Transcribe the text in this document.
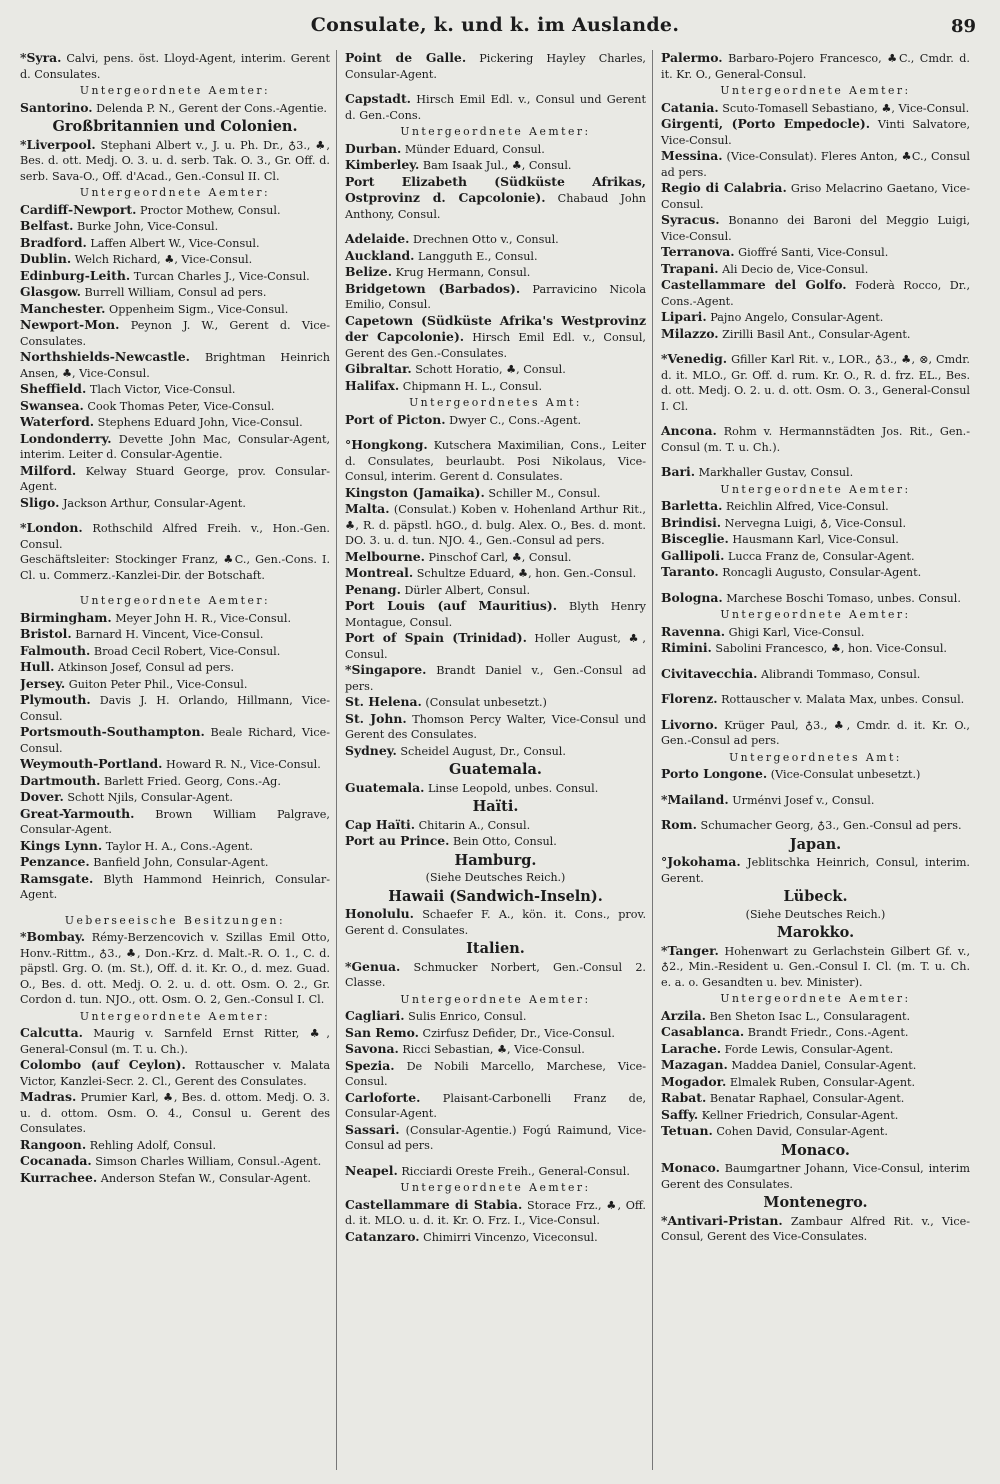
Consulate, k. und k. im Auslande.	89
*Syra. Calvi, pens. öst. Lloyd-Agent, interim. Gerent d. Consulates.
Untergeordnete Aemter:
Santorino. Delenda P. N., Gerent der Cons.-Agentie.
Großbritannien und Colonien.
*Liverpool. Stephani Albert v., J. u. Ph. Dr., ♁3., ♣, Bes. d. ott. Medj. O. 3. u. d. serb. Tak. O. 3., Gr. Off. d. serb. Sava-O., Off. d'Acad., Gen.-Consul II. Cl.
Untergeordnete Aemter:
Cardiff-Newport. Proctor Mothew, Consul.
Belfast. Burke John, Vice-Consul.
Bradford. Laffen Albert W., Vice-Consul.
Dublin. Welch Richard, ♣, Vice-Consul.
Edinburg-Leith. Turcan Charles J., Vice-Consul.
Glasgow. Burrell William, Consul ad pers.
Manchester. Oppenheim Sigm., Vice-Consul.
Newport-Mon. Peynon J. W., Gerent d. Vice-Consulates.
Northshields-Newcastle. Brightman Heinrich Ansen, ♣, Vice-Consul.
Sheffield. Tlach Victor, Vice-Consul.
Swansea. Cook Thomas Peter, Vice-Consul.
Waterford. Stephens Eduard John, Vice-Consul.
Londonderry. Devette John Mac, Consular-Agent, interim. Leiter d. Consular-Agentie.
Milford. Kelway Stuard George, prov. Consular-Agent.
Sligo. Jackson Arthur, Consular-Agent.
*London. Rothschild Alfred Freih. v., Hon.-Gen. Consul.
Geschäftsleiter: Stockinger Franz, ♣C., Gen.-Cons. I. Cl. u. Commerz.-Kanzlei-Dir. der Botschaft.
Untergeordnete Aemter:
Birmingham. Meyer John H. R., Vice-Consul.
Bristol. Barnard H. Vincent, Vice-Consul.
Falmouth. Broad Cecil Robert, Vice-Consul.
Hull. Atkinson Josef, Consul ad pers.
Jersey. Guiton Peter Phil., Vice-Consul.
Plymouth. Davis J. H. Orlando, Hillmann, Vice-Consul.
Portsmouth-Southampton. Beale Richard, Vice-Consul.
Weymouth-Portland. Howard R. N., Vice-Consul.
Dartmouth. Barlett Fried. Georg, Cons.-Ag.
Dover. Schott Njils, Consular-Agent.
Great-Yarmouth. Brown William Palgrave, Consular-Agent.
Kings Lynn. Taylor H. A., Cons.-Agent.
Penzance. Banfield John, Consular-Agent.
Ramsgate. Blyth Hammond Heinrich, Consular-Agent.
Ueberseeische Besitzungen:
*Bombay. Rémy-Berzencovich v. Szillas Emil Otto, Honv.-Rittm., ♁3., ♣, Don.-Krz. d. Malt.-R. O. 1., C. d. päpstl. Grg. O. (m. St.), Off. d. it. Kr. O., d. mez. Guad. O., Bes. d. ott. Medj. O. 2. u. d. ott. Osm. O. 2., Gr. Cordon d. tun. NJO., ott. Osm. O. 2, Gen.-Consul I. Cl.
Untergeordnete Aemter:
Calcutta. Maurig v. Sarnfeld Ernst Ritter, ♣, General-Consul (m. T. u. Ch.).
Colombo (auf Ceylon). Rottauscher v. Malata Victor, Kanzlei-Secr. 2. Cl., Gerent des Consulates.
Madras. Prumier Karl, ♣, Bes. d. ottom. Medj. O. 3. u. d. ottom. Osm. O. 4., Consul u. Gerent des Consulates.
Rangoon. Rehling Adolf, Consul.
Cocanada. Simson Charles William, Consul.-Agent.
Kurrachee. Anderson Stefan W., Consular-Agent.
Point de Galle. Pickering Hayley Charles, Consular-Agent.
Capstadt. Hirsch Emil Edl. v., Consul und Gerent d. Gen.-Cons.
Untergeordnete Aemter:
Durban. Münder Eduard, Consul.
Kimberley. Bam Isaak Jul., ♣, Consul.
Port Elizabeth (Südküste Afrikas, Ostprovinz d. Capcolonie). Chabaud John Anthony, Consul.
Adelaide. Drechnen Otto v., Consul.
Auckland. Langguth E., Consul.
Belize. Krug Hermann, Consul.
Bridgetown (Barbados). Parravicino Nicola Emilio, Consul.
Capetown (Südküste Afrika's Westprovinz der Capcolonie). Hirsch Emil Edl. v., Consul, Gerent des Gen.-Consulates.
Gibraltar. Schott Horatio, ♣, Consul.
Halifax. Chipmann H. L., Consul.
Untergeordnetes Amt:
Port of Picton. Dwyer C., Cons.-Agent.
°Hongkong. Kutschera Maximilian, Cons., Leiter d. Consulates, beurlaubt. Posi Nikolaus, Vice-Consul, interim. Gerent d. Consulates.
Kingston (Jamaika). Schiller M., Consul.
Malta. (Consulat.) Koben v. Hohenland Arthur Rit., ♣, R. d. päpstl. hGO., d. bulg. Alex. O., Bes. d. mont. DO. 3. u. d. tun. NJO. 4., Gen.-Consul ad pers.
Melbourne. Pinschof Carl, ♣, Consul.
Montreal. Schultze Eduard, ♣, hon. Gen.-Consul.
Penang. Dürler Albert, Consul.
Port Louis (auf Mauritius). Blyth Henry Montague, Consul.
Port of Spain (Trinidad). Holler August, ♣, Consul.
*Singapore. Brandt Daniel v., Gen.-Consul ad pers.
St. Helena. (Consulat unbesetzt.)
St. John. Thomson Percy Walter, Vice-Consul und Gerent des Consulates.
Sydney. Scheidel August, Dr., Consul.
Guatemala.
Guatemala. Linse Leopold, unbes. Consul.
Haïti.
Cap Haïti. Chitarin A., Consul.
Port au Prince. Bein Otto, Consul.
Hamburg.
(Siehe Deutsches Reich.)
Hawaii (Sandwich-Inseln).
Honolulu. Schaefer F. A., kön. it. Cons., prov. Gerent d. Consulates.
Italien.
*Genua. Schmucker Norbert, Gen.-Consul 2. Classe.
Untergeordnete Aemter:
Cagliari. Sulis Enrico, Consul.
San Remo. Czirfusz Defider, Dr., Vice-Consul.
Savona. Ricci Sebastian, ♣, Vice-Consul.
Spezia. De Nobili Marcello, Marchese, Vice-Consul.
Carloforte. Plaisant-Carbonelli Franz de, Consular-Agent.
Sassari. (Consular-Agentie.) Fogú Raimund, Vice-Consul ad pers.
Neapel. Ricciardi Oreste Freih., General-Consul.
Untergeordnete Aemter:
Castellammare di Stabia. Storace Frz., ♣, Off. d. it. MLO. u. d. it. Kr. O. Frz. I., Vice-Consul.
Catanzaro. Chimirri Vincenzo, Viceconsul.
Palermo. Barbaro-Pojero Francesco, ♣C., Cmdr. d. it. Kr. O., General-Consul.
Untergeordnete Aemter:
Catania. Scuto-Tomasell Sebastiano, ♣, Vice-Consul.
Girgenti, (Porto Empedocle). Vinti Salvatore, Vice-Consul.
Messina. (Vice-Consulat). Fleres Anton, ♣C., Consul ad pers.
Regio di Calabria. Griso Melacrino Gaetano, Vice-Consul.
Syracus. Bonanno dei Baroni del Meggio Luigi, Vice-Consul.
Terranova. Gioffré Santi, Vice-Consul.
Trapani. Ali Decio de, Vice-Consul.
Castellammare del Golfo. Foderà Rocco, Dr., Cons.-Agent.
Lipari. Pajno Angelo, Consular-Agent.
Milazzo. Zirilli Basil Ant., Consular-Agent.
*Venedig. Gfiller Karl Rit. v., LOR., ♁3., ♣, ⊗, Cmdr. d. it. MLO., Gr. Off. d. rum. Kr. O., R. d. frz. EL., Bes. d. ott. Medj. O. 2. u. d. ott. Osm. O. 3., General-Consul I. Cl.
Ancona. Rohm v. Hermannstädten Jos. Rit., Gen.-Consul (m. T. u. Ch.).
Bari. Markhaller Gustav, Consul.
Untergeordnete Aemter:
Barletta. Reichlin Alfred, Vice-Consul.
Brindisi. Nervegna Luigi, ♁, Vice-Consul.
Bisceglie. Hausmann Karl, Vice-Consul.
Gallipoli. Lucca Franz de, Consular-Agent.
Taranto. Roncagli Augusto, Consular-Agent.
Bologna. Marchese Boschi Tomaso, unbes. Consul.
Untergeordnete Aemter:
Ravenna. Ghigi Karl, Vice-Consul.
Rimini. Sabolini Francesco, ♣, hon. Vice-Consul.
Civitavecchia. Alibrandi Tommaso, Consul.
Florenz. Rottauscher v. Malata Max, unbes. Consul.
Livorno. Krüger Paul, ♁3., ♣, Cmdr. d. it. Kr. O., Gen.-Consul ad pers.
Untergeordnetes Amt:
Porto Longone. (Vice-Consulat unbesetzt.)
*Mailand. Urménvi Josef v., Consul.
Rom. Schumacher Georg, ♁3., Gen.-Consul ad pers.
Japan.
°Jokohama. Jeblitschka Heinrich, Consul, interim. Gerent.
Lübeck.
(Siehe Deutsches Reich.)
Marokko.
*Tanger. Hohenwart zu Gerlachstein Gilbert Gf. v., ♁2., Min.-Resident u. Gen.-Consul I. Cl. (m. T. u. Ch. e. a. o. Gesandten u. bev. Minister).
Untergeordnete Aemter:
Arzila. Ben Sheton Isac L., Consularagent.
Casablanca. Brandt Friedr., Cons.-Agent.
Larache. Forde Lewis, Consular-Agent.
Mazagan. Maddea Daniel, Consular-Agent.
Mogador. Elmalek Ruben, Consular-Agent.
Rabat. Benatar Raphael, Consular-Agent.
Saffy. Kellner Friedrich, Consular-Agent.
Tetuan. Cohen David, Consular-Agent.
Monaco.
Monaco. Baumgartner Johann, Vice-Consul, interim Gerent des Consulates.
Montenegro.
*Antivari-Pristan. Zambaur Alfred Rit. v., Vice-Consul, Gerent des Vice-Consulates.
